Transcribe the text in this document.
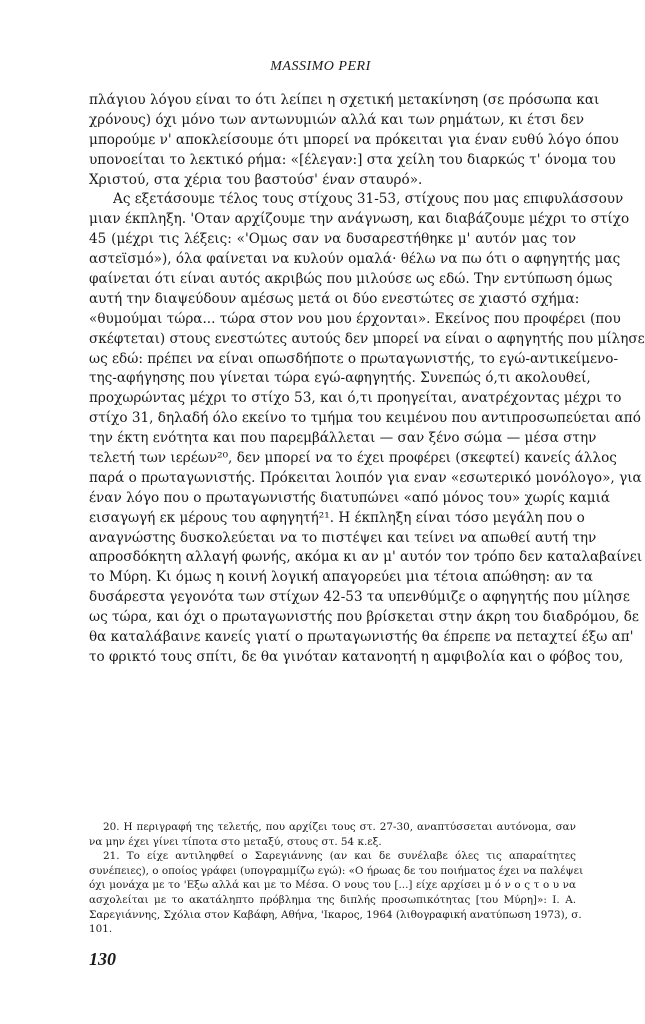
MASSIMO PERI
πλάγιου λόγου είναι το ότι λείπει η σχετική μετακίνηση (σε πρόσωπα και
χρόνους) όχι μόνο των αντωνυμιών αλλά και των ρημάτων, κι έτσι δεν
μπορούμε ν' αποκλείσουμε ότι μπορεί να πρόκειται για έναν ευθύ λόγο όπου
υπονοείται το λεκτικό ρήμα: «[έλεγαν:] στα χείλη του διαρκώς τ' όνομα του
Χριστού, στα χέρια του βαστούσ' έναν σταυρό».
Ας εξετάσουμε τέλος τους στίχους 31-53, στίχους που μας επιφυλάσσουν
μιαν έκπληξη. 'Οταν αρχίζουμε την ανάγνωση, και διαβάζουμε μέχρι το στίχο
45 (μέχρι τις λέξεις: «'Ομως σαν να δυσαρεστήθηκε μ' αυτόν μας τον
αστεϊσμό»), όλα φαίνεται να κυλούν ομαλά· θέλω να πω ότι ο αφηγητής μας
φαίνεται ότι είναι αυτός ακριβώς που μιλούσε ως εδώ. Την εντύπωση όμως
αυτή την διαψεύδουν αμέσως μετά οι δύο ενεστώτες σε χιαστό σχήμα:
«θυμούμαι τώρα... τώρα στον νου μου έρχονται». Εκείνος που προφέρει (που
σκέφτεται) στους ενεστώτες αυτούς δεν μπορεί να είναι ο αφηγητής που μίλησε
ως εδώ: πρέπει να είναι οπωσδήποτε ο πρωταγωνιστής, το εγώ-αντικείμενο-
της-αφήγησης που γίνεται τώρα εγώ-αφηγητής. Συνεπώς ό,τι ακολουθεί,
προχωρώντας μέχρι το στίχο 53, και ό,τι προηγείται, ανατρέχοντας μέχρι το
στίχο 31, δηλαδή όλο εκείνο το τμήμα του κειμένου που αντιπροσωπεύεται από
την έκτη ενότητα και που παρεμβάλλεται — σαν ξένο σώμα — μέσα στην
τελετή των ιερέων²⁰, δεν μπορεί να το έχει προφέρει (σκεφτεί) κανείς άλλος
παρά ο πρωταγωνιστής. Πρόκειται λοιπόν για εναν «εσωτερικό μονόλογο», για
έναν λόγο που ο πρωταγωνιστής διατυπώνει «από μόνος του» χωρίς καμιά
εισαγωγή εκ μέρους του αφηγητή²¹. Η έκπληξη είναι τόσο μεγάλη που ο
αναγνώστης δυσκολεύεται να το πιστέψει και τείνει να απωθεί αυτή την
απροσδόκητη αλλαγή φωνής, ακόμα κι αν μ' αυτόν τον τρόπο δεν καταλαβαίνει
το Μύρη. Κι όμως η κοινή λογική απαγορεύει μια τέτοια απώθηση: αν τα
δυσάρεστα γεγονότα των στίχων 42-53 τα υπενθύμιζε ο αφηγητής που μίλησε
ως τώρα, και όχι ο πρωταγωνιστής που βρίσκεται στην άκρη του διαδρόμου, δε
θα καταλάβαινε κανείς γιατί ο πρωταγωνιστής θα έπρεπε να πεταχτεί έξω απ'
το φρικτό τους σπίτι, δε θα γινόταν κατανοητή η αμφιβολία και ο φόβος του,
20. Η περιγραφή της τελετής, που αρχίζει τους στ. 27-30, αναπτύσσεται αυτόνομα, σαν
να μην έχει γίνει τίποτα στο μεταξύ, στους στ. 54 κ.εξ.
21. Το είχε αντιληφθεί ο Σαρεγιάννης (αν και δε συνέλαβε όλες τις απαραίτητες
συνέπειες), ο οποίος γράφει (υπογραμμίζω εγώ): «Ο ήρωας δε του ποιήματος έχει να παλέψει
όχι μονάχα με το 'Εξω αλλά και με το Μέσα. Ο νους του [...] είχε αρχίσει μ ό ν ο ς τ ο υ να
ασχολείται με το ακατάληπτο πρόβλημα της διπλής προσωπικότητας [του Μύρη]»: Ι. Α.
Σαρεγιάννης, Σχόλια στον Καβάφη, Αθήνα, 'Ικαρος, 1964 (λιθογραφική ανατύπωση 1973), σ.
101.
130
